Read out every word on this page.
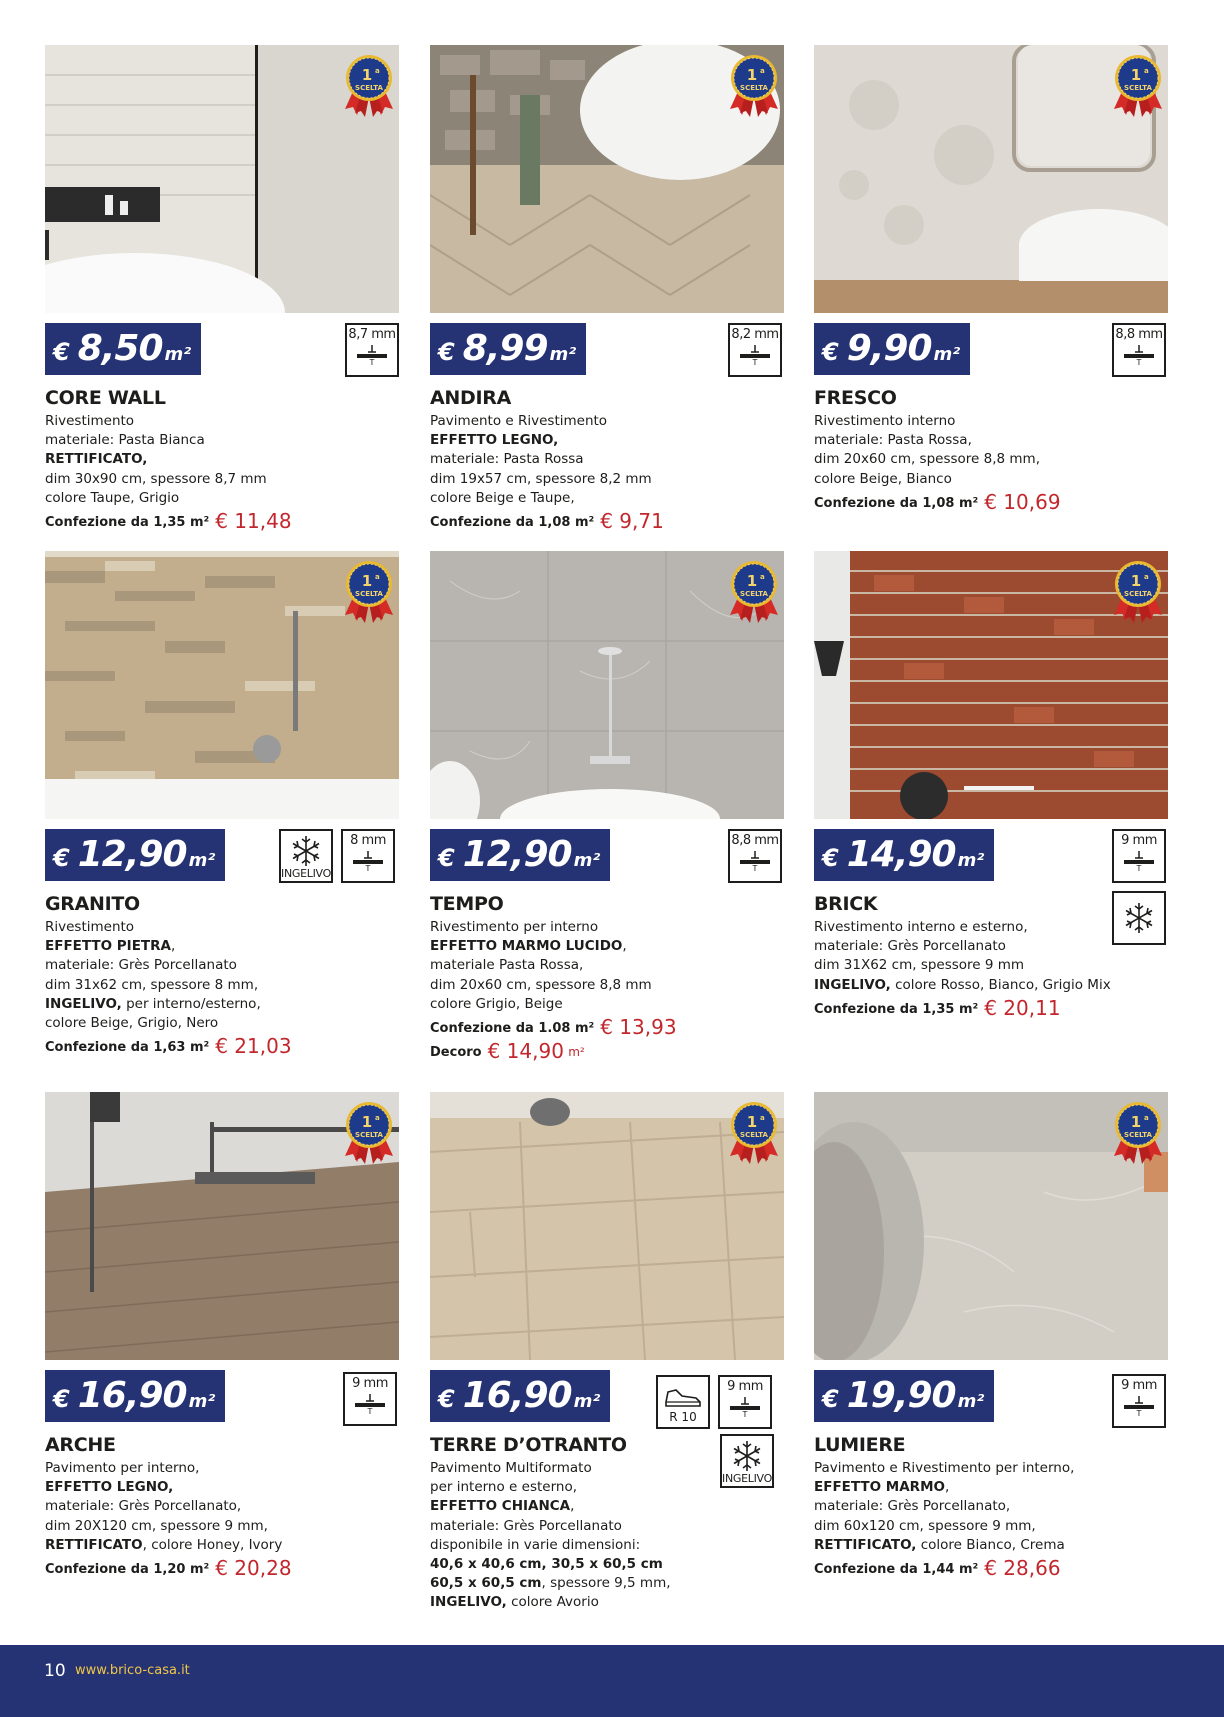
1 a
SCELTA
€ 8,50 m²
8,7 mm
CORE WALL
Rivestimento
materiale: Pasta Bianca
RETTIFICATO,
dim 30x90 cm, spessore 8,7 mm
colore Taupe, Grigio
Confezione da 1,35 m² € 11,48
1 a
SCELTA
€ 8,99 m²
8,2 mm
ANDIRA
Pavimento e Rivestimento
EFFETTO LEGNO,
materiale: Pasta Rossa
dim 19x57 cm, spessore 8,2 mm
colore Beige e Taupe,
Confezione da 1,08 m² € 9,71
1 a
SCELTA
€ 9,90 m²
8,8 mm
FRESCO
Rivestimento interno
materiale: Pasta Rossa,
dim 20x60 cm, spessore 8,8 mm,
colore Beige, Bianco
Confezione da 1,08 m² € 10,69
1 a
SCELTA
€ 12,90 m²
INGELIVO
8 mm
GRANITO
Rivestimento
EFFETTO PIETRA,
materiale: Grès Porcellanato
dim 31x62 cm, spessore 8 mm,
INGELIVO, per interno/esterno,
colore Beige, Grigio, Nero
Confezione da 1,63 m² € 21,03
1 a
SCELTA
€ 12,90 m²
8,8 mm
TEMPO
Rivestimento per interno
EFFETTO MARMO LUCIDO,
materiale Pasta Rossa,
dim 20x60 cm, spessore 8,8 mm
colore Grigio, Beige
Confezione da 1.08 m² € 13,93
Decoro € 14,90 m²
1 a
SCELTA
€ 14,90 m²
9 mm
BRICK
Rivestimento interno e esterno,
materiale: Grès Porcellanato
dim 31X62 cm, spessore 9 mm
INGELIVO, colore Rosso, Bianco, Grigio Mix
Confezione da 1,35 m² € 20,11
1 a
SCELTA
€ 16,90 m²
9 mm
ARCHE
Pavimento per interno,
EFFETTO LEGNO,
materiale: Grès Porcellanato,
dim 20X120 cm, spessore 9 mm,
RETTIFICATO, colore Honey, Ivory
Confezione da 1,20 m² € 20,28
1 a
SCELTA
€ 16,90 m²
R 10
9 mm
INGELIVO
TERRE D’OTRANTO
Pavimento Multiformato
per interno e esterno,
EFFETTO CHIANCA,
materiale: Grès Porcellanato
disponibile in varie dimensioni:
40,6 x 40,6 cm, 30,5 x 60,5 cm
60,5 x 60,5 cm, spessore 9,5 mm,
INGELIVO, colore Avorio
1 a
SCELTA
€ 19,90 m²
9 mm
LUMIERE
Pavimento e Rivestimento per interno,
EFFETTO MARMO,
materiale: Grès Porcellanato,
dim 60x120 cm, spessore 9 mm,
RETTIFICATO, colore Bianco, Crema
Confezione da 1,44 m² € 28,66
10 www.brico-casa.it
